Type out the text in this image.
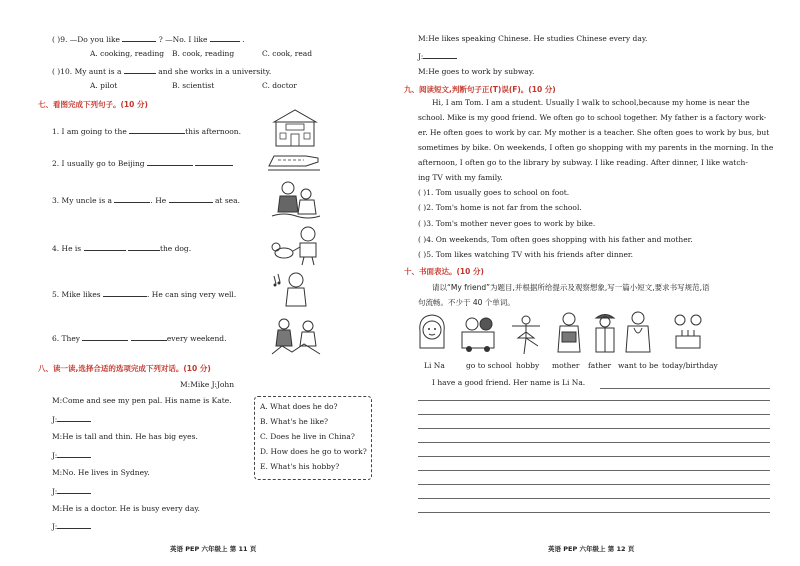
( )9. —Do you like	? —No. I like	.
A. cooking, reading B. cook, reading	C. cook, read
( )10. My aunt is a	and she works in a university.
A. pilot	B. scientist	C. doctor
七、看图完成下列句子。(10 分)
1. I am going to the	this afternoon.
2. I usually go to Beijing
3. My uncle is a	. He	at sea.
4. He is	the dog.
5. Mike likes	. He can sing very well.
6. They	every weekend.
八、读一读,选择合适的选项完成下列对话。(10 分)
M:Mike J:John
M:Come and see my pen pal. His name is Kate.
J:
M:He is tall and thin. He has big eyes.
J:
M:No. He lives in Sydney.
J:
M:He is a doctor. He is busy every day.
J:
A. What does he do?
B. What's he like?
C. Does he live in China?
D. How does he go to work?
E. What's his hobby?
英语 PEP 六年级上 第 11 页
M:He likes speaking Chinese. He studies Chinese every day.
J:
M:He goes to work by subway.
九、阅读短文,判断句子正(T)误(F)。(10 分)
Hi, I am Tom. I am a student. Usually I walk to school,because my home is near the
school. Mike is my good friend. We often go to school together. My father is a factory work-
er. He often goes to work by car. My mother is a teacher. She often goes to work by bus, but
sometimes by bike. On weekends, I often go shopping with my parents in the morning. In the
afternoon, I often go to the library by subway. I like reading. After dinner, I like watch-
ing TV with my family.
( )1. Tom usually goes to school on foot.
( )2. Tom's home is not far from the school.
( )3. Tom's mother never goes to work by bike.
( )4. On weekends, Tom often goes shopping with his father and mother.
( )5. Tom likes watching TV with his friends after dinner.
十、书面表达。(10 分)
请以“My friend”为题目,并根据所给提示及观察想象,写一篇小短文,要求书写规范,语
句流畅。不少于 40 个单词。
Li Na	go to school hobby mother father want to be today/birthday
I have a good friend. Her name is Li Na.
英语 PEP 六年级上 第 12 页
